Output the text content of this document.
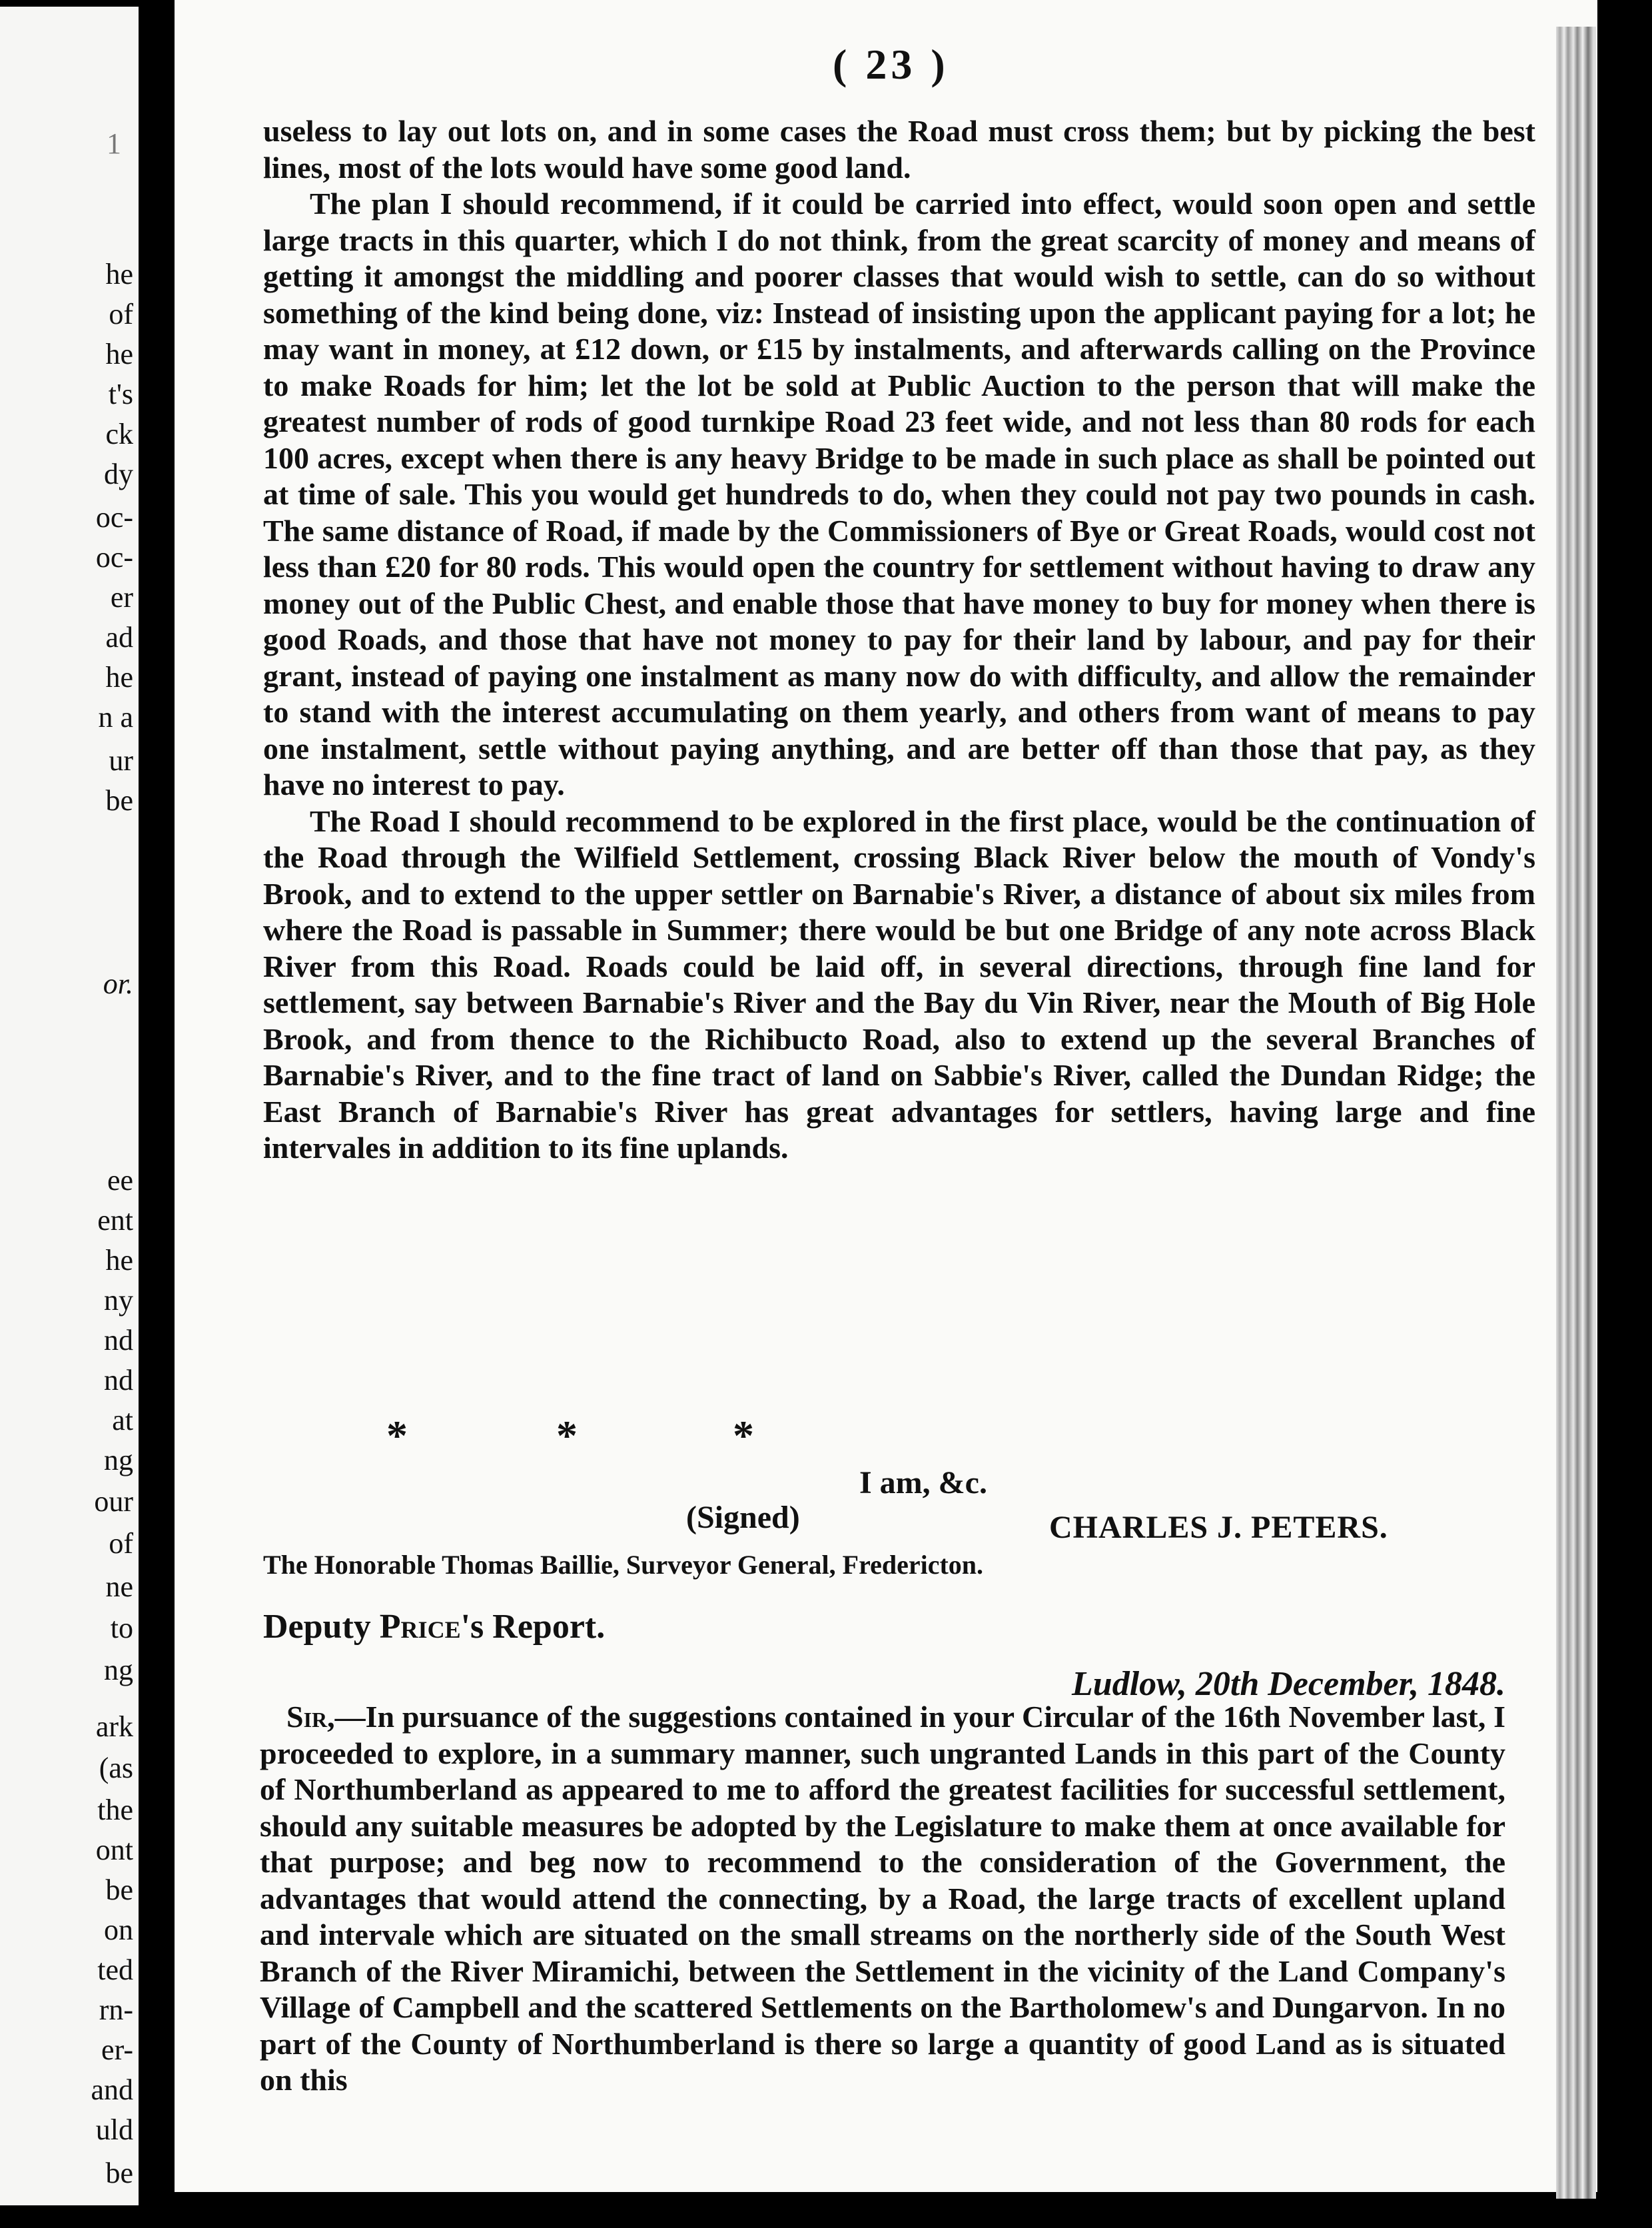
1
he
of
he
t's
ck
dy
oc-
oc-
er
ad
he
n a
ur
be
or.
ee
ent
he
ny
nd
nd
at
ng
our
of
ne
to
ng
ark
(as
the
ont
be
on
ted
rn-
er-
and
uld
be
( 23 )

useless to lay out lots on, and in some cases the Road must cross them; but by picking the best lines, most of the lots would have some good land.

The plan I should recommend, if it could be carried into effect, would soon open and settle large tracts in this quarter, which I do not think, from the great scarcity of money and means of getting it amongst the middling and poorer classes that would wish to settle, can do so without something of the kind being done, viz: Instead of insisting upon the applicant paying for a lot; he may want in money, at £12 down, or £15 by instalments, and afterwards calling on the Province to make Roads for him; let the lot be sold at Public Auction to the person that will make the greatest number of rods of good turnkipe Road 23 feet wide, and not less than 80 rods for each 100 acres, except when there is any heavy Bridge to be made in such place as shall be pointed out at time of sale. This you would get hundreds to do, when they could not pay two pounds in cash. The same distance of Road, if made by the Commissioners of Bye or Great Roads, would cost not less than £20 for 80 rods. This would open the country for settlement without having to draw any money out of the Public Chest, and enable those that have money to buy for money when there is good Roads, and those that have not money to pay for their land by labour, and pay for their grant, instead of paying one instalment as many now do with difficulty, and allow the remainder to stand with the interest accumulating on them yearly, and others from want of means to pay one instalment, settle without paying anything, and are better off than those that pay, as they have no interest to pay.

The Road I should recommend to be explored in the first place, would be the continuation of the Road through the Wilfield Settlement, crossing Black River below the mouth of Vondy's Brook, and to extend to the upper settler on Barnabie's River, a distance of about six miles from where the Road is passable in Summer; there would be but one Bridge of any note across Black River from this Road. Roads could be laid off, in several directions, through fine land for settlement, say between Barnabie's River and the Bay du Vin River, near the Mouth of Big Hole Brook, and from thence to the Richibucto Road, also to extend up the several Branches of Barnabie's River, and to the fine tract of land on Sabbie's River, called the Dundan Ridge; the East Branch of Barnabie's River has great advantages for settlers, having large and fine intervales in addition to its fine uplands.

*	*	*
I am, &c.
(Signed)	CHARLES J. PETERS.
The Honorable Thomas Baillie, Surveyor General, Fredericton.
Deputy Price's Report.
Ludlow, 20th December, 1848.

Sir,—In pursuance of the suggestions contained in your Circular of the 16th November last, I proceeded to explore, in a summary manner, such ungranted Lands in this part of the County of Northumberland as appeared to me to afford the greatest facilities for successful settlement, should any suitable measures be adopted by the Legislature to make them at once available for that purpose; and beg now to recommend to the consideration of the Government, the advantages that would attend the connecting, by a Road, the large tracts of excellent upland and intervale which are situated on the small streams on the northerly side of the South West Branch of the River Miramichi, between the Settlement in the vicinity of the Land Company's Village of Campbell and the scattered Settlements on the Bartholomew's and Dungarvon. In no part of the County of Northumberland is there so large a quantity of good Land as is situated on this
